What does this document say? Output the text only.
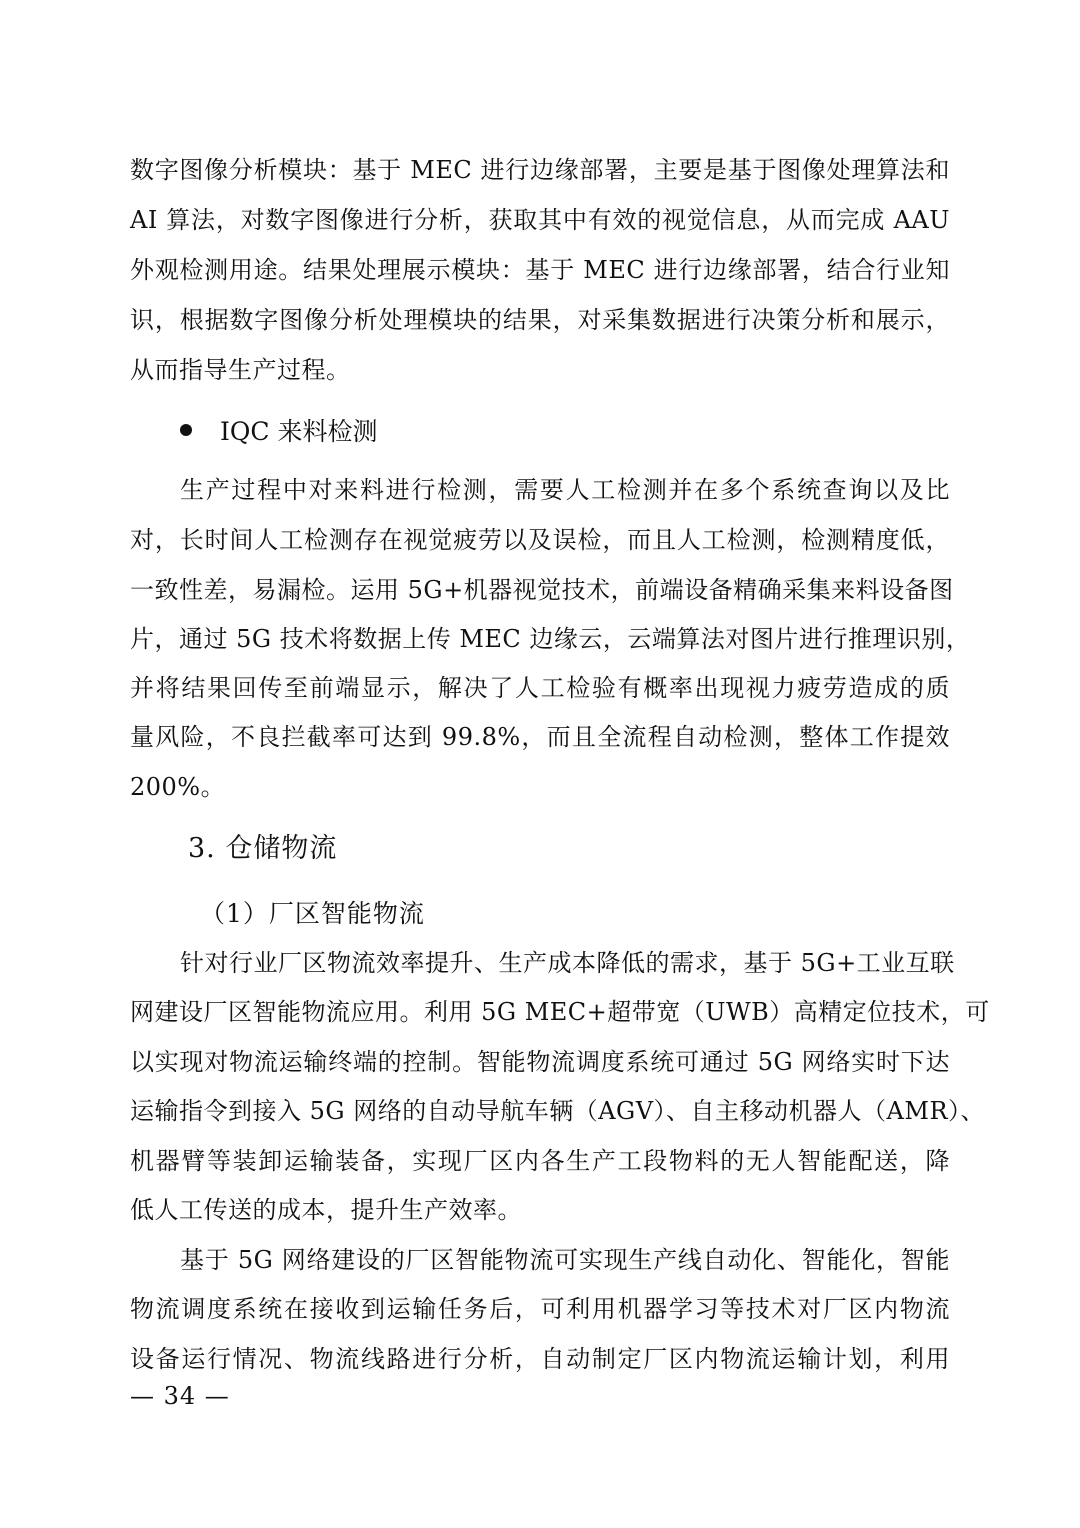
数字图像分析模块：基于 MEC 进行边缘部署，主要是基于图像处理算法和
AI 算法，对数字图像进行分析，获取其中有效的视觉信息，从而完成 AAU
外观检测用途。结果处理展示模块：基于 MEC 进行边缘部署，结合行业知
识，根据数字图像分析处理模块的结果，对采集数据进行决策分析和展示，
从而指导生产过程。
IQC 来料检测
生产过程中对来料进行检测，需要人工检测并在多个系统查询以及比
对，长时间人工检测存在视觉疲劳以及误检，而且人工检测，检测精度低，
一致性差，易漏检。运用 5G+机器视觉技术，前端设备精确采集来料设备图
片，通过 5G 技术将数据上传 MEC 边缘云，云端算法对图片进行推理识别，
并将结果回传至前端显示，解决了人工检验有概率出现视力疲劳造成的质
量风险，不良拦截率可达到 99.8%，而且全流程自动检测，整体工作提效
200%。
3. 仓储物流
（1）厂区智能物流
针对行业厂区物流效率提升、生产成本降低的需求，基于 5G+工业互联
网建设厂区智能物流应用。利用 5G MEC+超带宽（UWB）高精定位技术，可
以实现对物流运输终端的控制。智能物流调度系统可通过 5G 网络实时下达
运输指令到接入 5G 网络的自动导航车辆（AGV）、自主移动机器人（AMR）、
机器臂等装卸运输装备，实现厂区内各生产工段物料的无人智能配送，降
低人工传送的成本，提升生产效率。
基于 5G 网络建设的厂区智能物流可实现生产线自动化、智能化，智能
物流调度系统在接收到运输任务后，可利用机器学习等技术对厂区内物流
设备运行情况、物流线路进行分析，自动制定厂区内物流运输计划，利用
— 34 —
